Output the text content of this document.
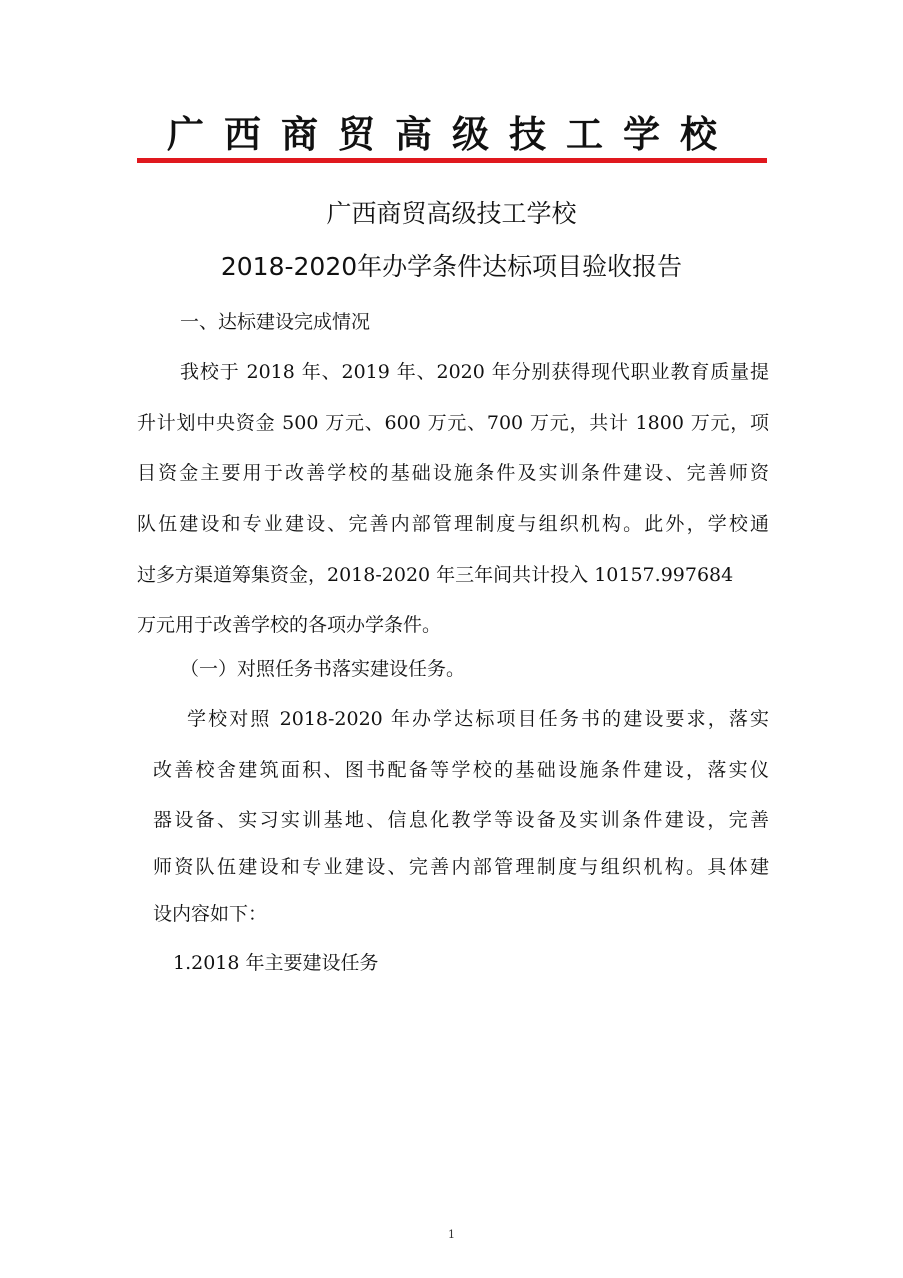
广西商贸高级技工学校
广西商贸高级技工学校
2018-2020年办学条件达标项目验收报告
一、达标建设完成情况
我校于 2018 年、2019 年、2020 年分别获得现代职业教育质量提
升计划中央资金 500 万元、600 万元、700 万元，共计 1800 万元，项
目资金主要用于改善学校的基础设施条件及实训条件建设、完善师资
队伍建设和专业建设、完善内部管理制度与组织机构。此外，学校通
过多方渠道筹集资金，2018-2020 年三年间共计投入 10157.997684
万元用于改善学校的各项办学条件。
（一）对照任务书落实建设任务。
学校对照 2018-2020 年办学达标项目任务书的建设要求，落实
改善校舍建筑面积、图书配备等学校的基础设施条件建设，落实仪
器设备、实习实训基地、信息化教学等设备及实训条件建设，完善
师资队伍建设和专业建设、完善内部管理制度与组织机构。具体建
设内容如下：
1.2018 年主要建设任务
1
